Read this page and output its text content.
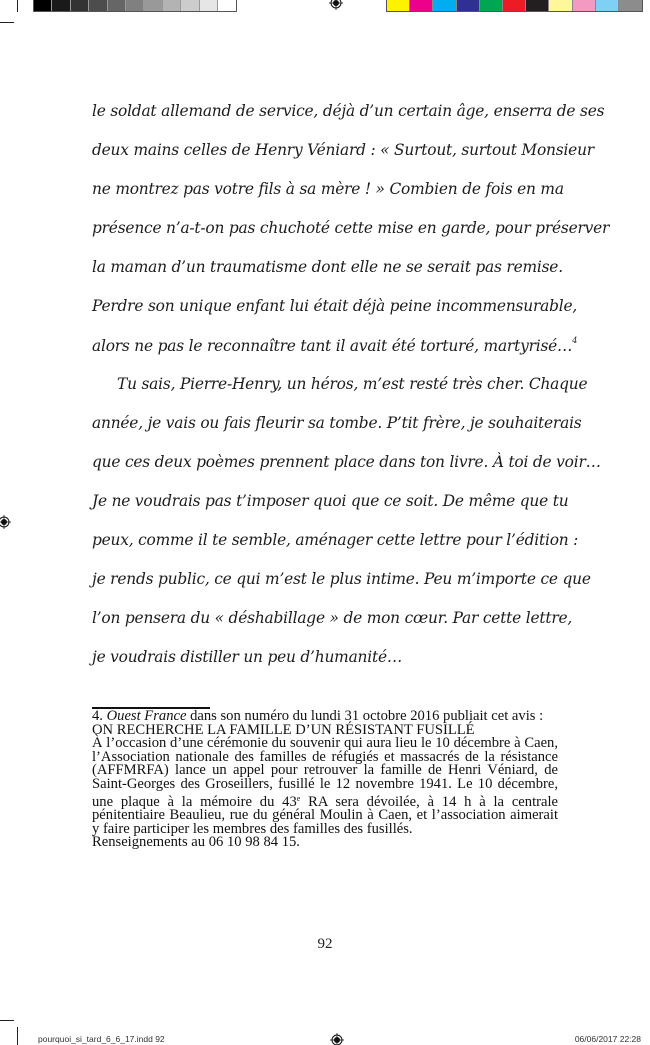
le soldat allemand de service, déjà d’un certain âge, enserra de ses
deux mains celles de Henry Véniard : « Surtout, surtout Monsieur
ne montrez pas votre fils à sa mère ! » Combien de fois en ma
présence n’a-t-on pas chuchoté cette mise en garde, pour préserver
la maman d’un traumatisme dont elle ne se serait pas remise.
Perdre son unique enfant lui était déjà peine incommensurable,
alors ne pas le reconnaître tant il avait été torturé, martyrisé…$^4$
Tu sais, Pierre-Henry, un héros, m’est resté très cher. Chaque
année, je vais ou fais fleurir sa tombe. P’tit frère, je souhaiterais
que ces deux poèmes prennent place dans ton livre. À toi de voir…
Je ne voudrais pas t’imposer quoi que ce soit. De même que tu
peux, comme il te semble, aménager cette lettre pour l’édition :
je rends public, ce qui m’est le plus intime. Peu m’importe ce que
l’on pensera du « déshabillage » de mon cœur. Par cette lettre,
je voudrais distiller un peu d’humanité…

4. Ouest France dans son numéro du lundi 31 octobre 2016 publiait cet avis :

ON RECHERCHE LA FAMILLE D’UN RÉSISTANT FUSILLÉ

À l’occasion d’une cérémonie du souvenir qui aura lieu le 10 décembre à Caen, l’Association nationale des familles de réfugiés et massacrés de la résistance (AFFMRFA) lance un appel pour retrouver la famille de Henri Véniard, de Saint-Georges des Groseillers, fusillé le 12 novembre 1941. Le 10 décembre, une plaque à la mémoire du 43e RA sera dévoilée, à 14 h à la centrale pénitentiaire Beaulieu, rue du général Moulin à Caen, et l’association aimerait y faire participer les membres des familles des fusillés.

Renseignements au 06 10 98 84 15.

92
pourquoi_si_tard_6_6_17.indd 92	06/06/2017 22:28
